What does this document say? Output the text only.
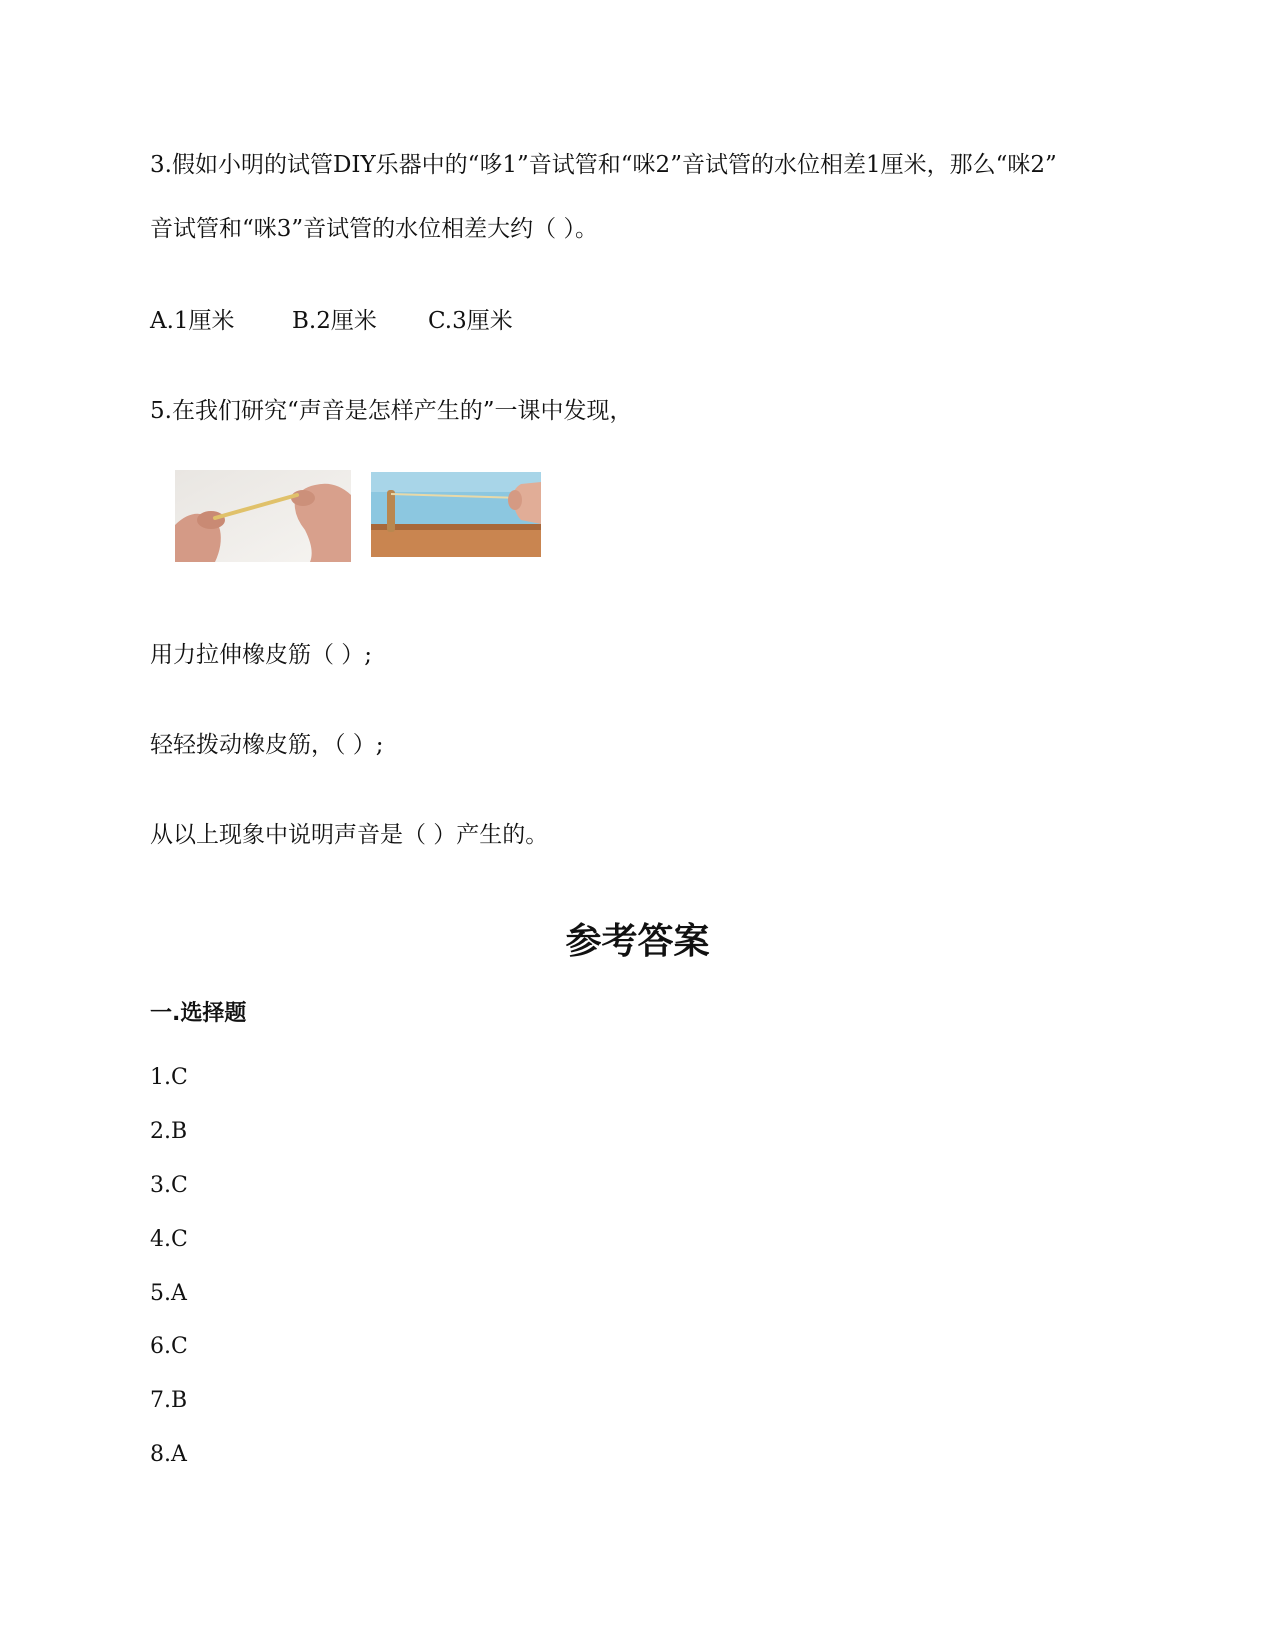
3.假如小明的试管DIY乐器中的“哆1”音试管和“咪2”音试管的水位相差1厘米，那么“咪2”
音试管和“咪3”音试管的水位相差大约（ ）。
A.1厘米 B.2厘米 C.3厘米
5.在我们研究“声音是怎样产生的”一课中发现，
用力拉伸橡皮筋（ ）;
轻轻拨动橡皮筋，（ ）;
从以上现象中说明声音是（ ）产生的。
参考答案
一.选择题
1.C
2.B
3.C
4.C
5.A
6.C
7.B
8.A
